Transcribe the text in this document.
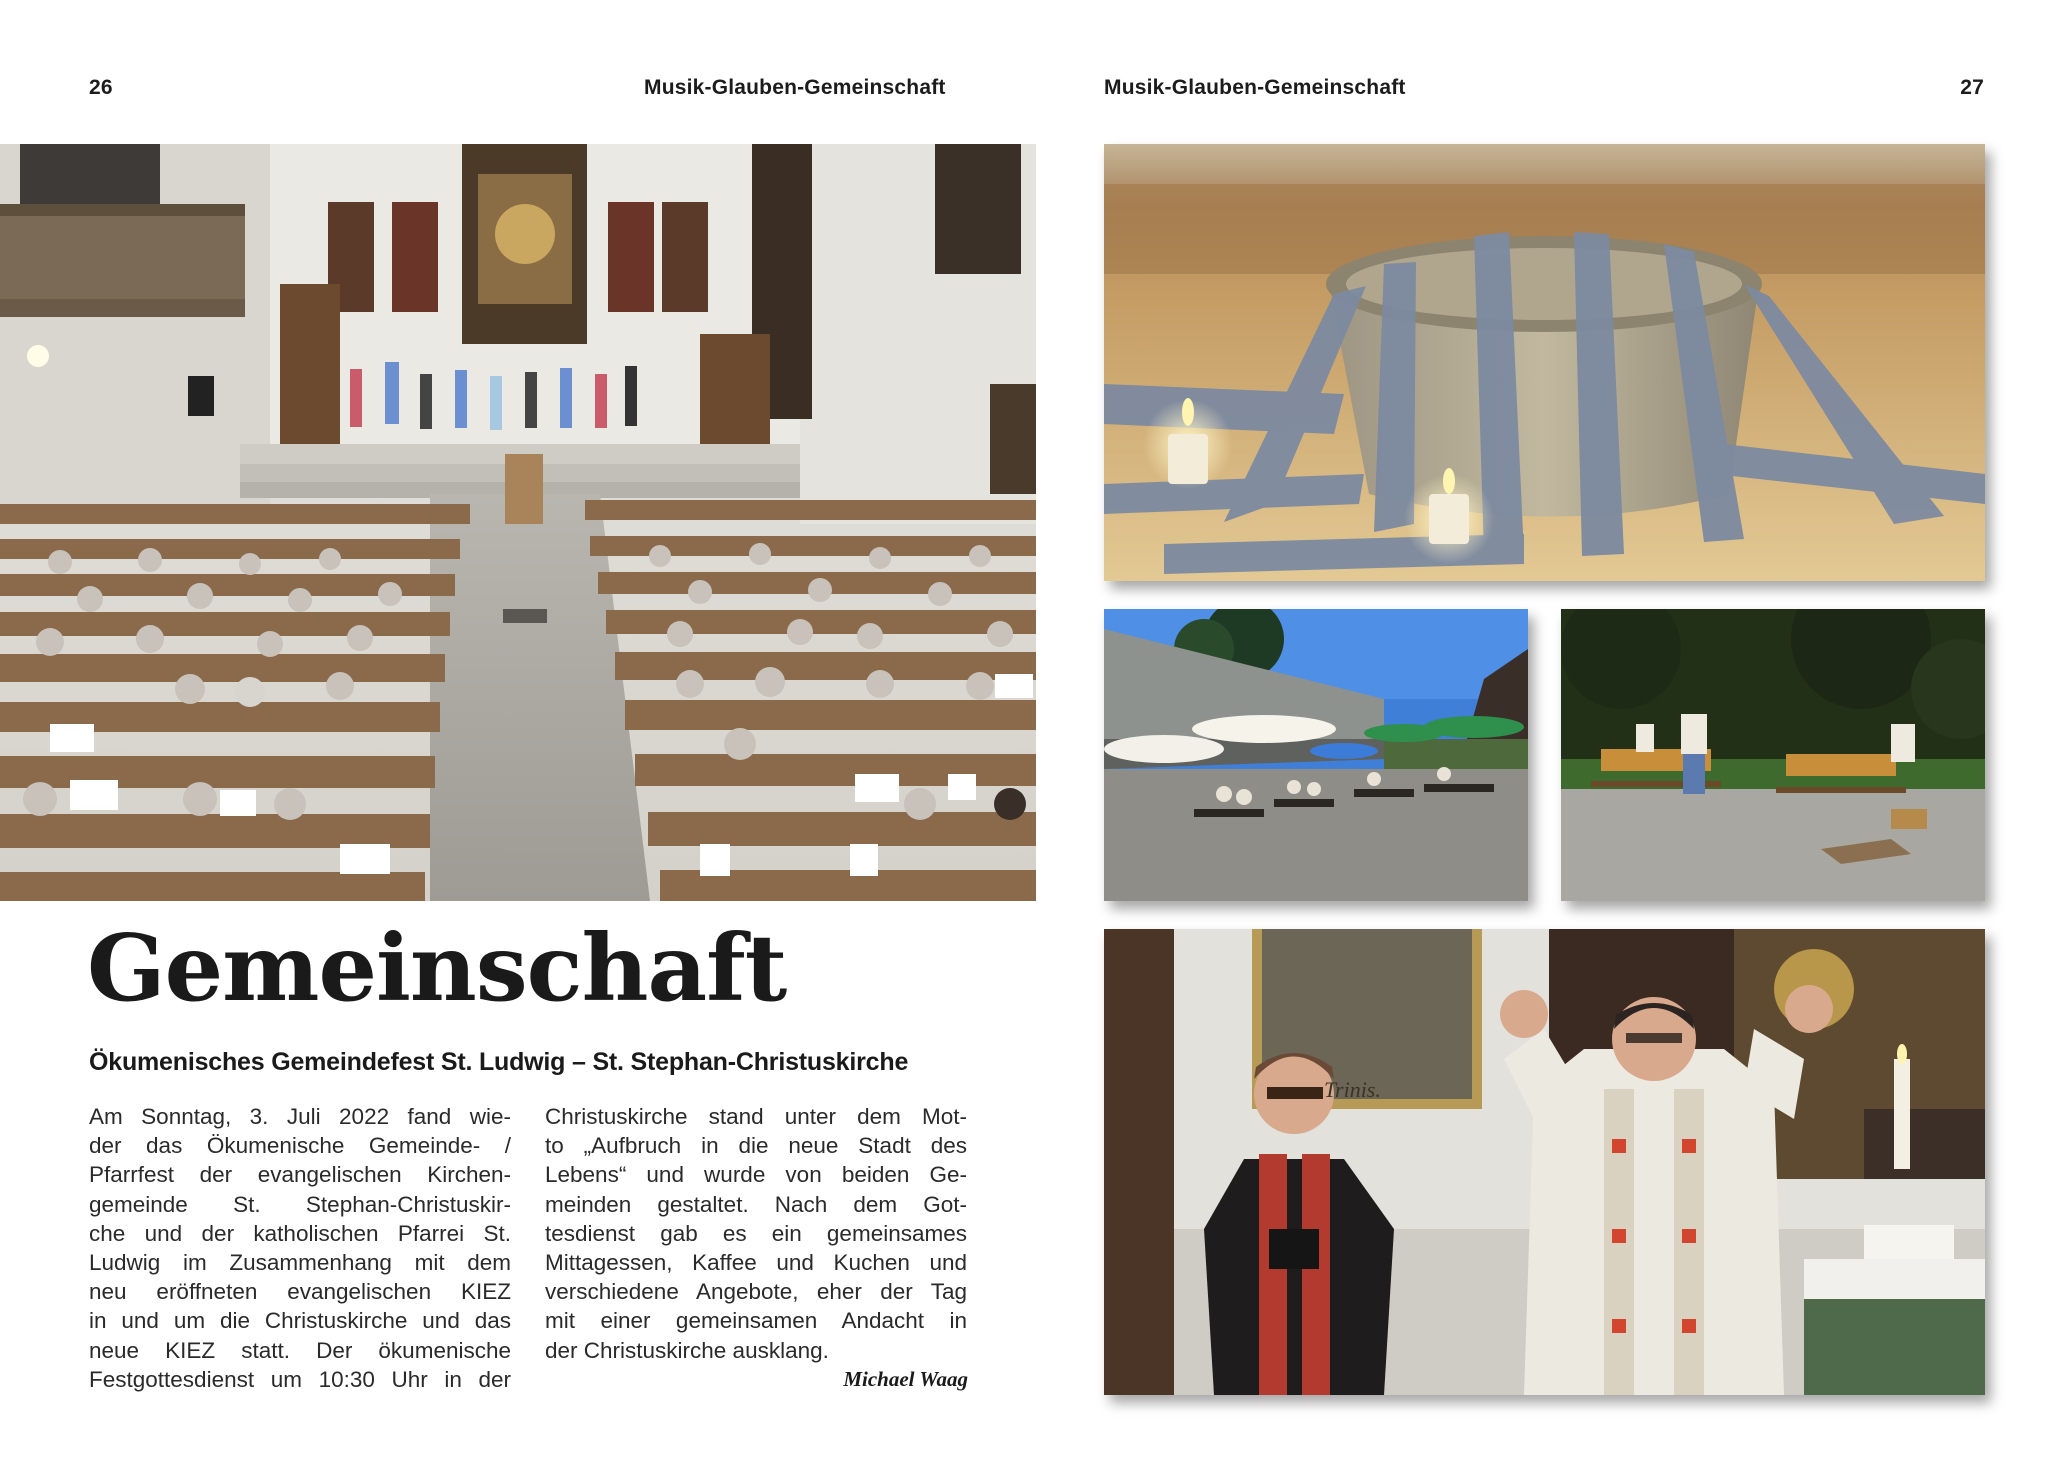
26	Musik-Glauben-Gemeinschaft	Musik-Glauben-Gemeinschaft	27
Trinis.
Gemeinschaft
Ökumenisches Gemeindefest St. Ludwig – St. Stephan-Christuskirche

Am Sonntag, 3. Juli 2022 fand wie-

der das Ökumenische Gemeinde- /

Pfarrfest der evangelischen Kirchen-

gemeinde St. Stephan-Christuskir-

che und der katholischen Pfarrei St.

Ludwig im Zusammenhang mit dem

neu eröffneten evangelischen KIEZ

in und um die Christuskirche und das

neue KIEZ statt. Der ökumenische

Festgottesdienst um 10:30 Uhr in der

Christuskirche stand unter dem Mot-

to „Aufbruch in die neue Stadt des

Lebens“ und wurde von beiden Ge-

meinden gestaltet. Nach dem Got-

tesdienst gab es ein gemeinsames

Mittagessen, Kaffee und Kuchen und

verschiedene Angebote, eher der Tag

mit einer gemeinsamen Andacht in

der Christuskirche ausklang.

Michael Waag
